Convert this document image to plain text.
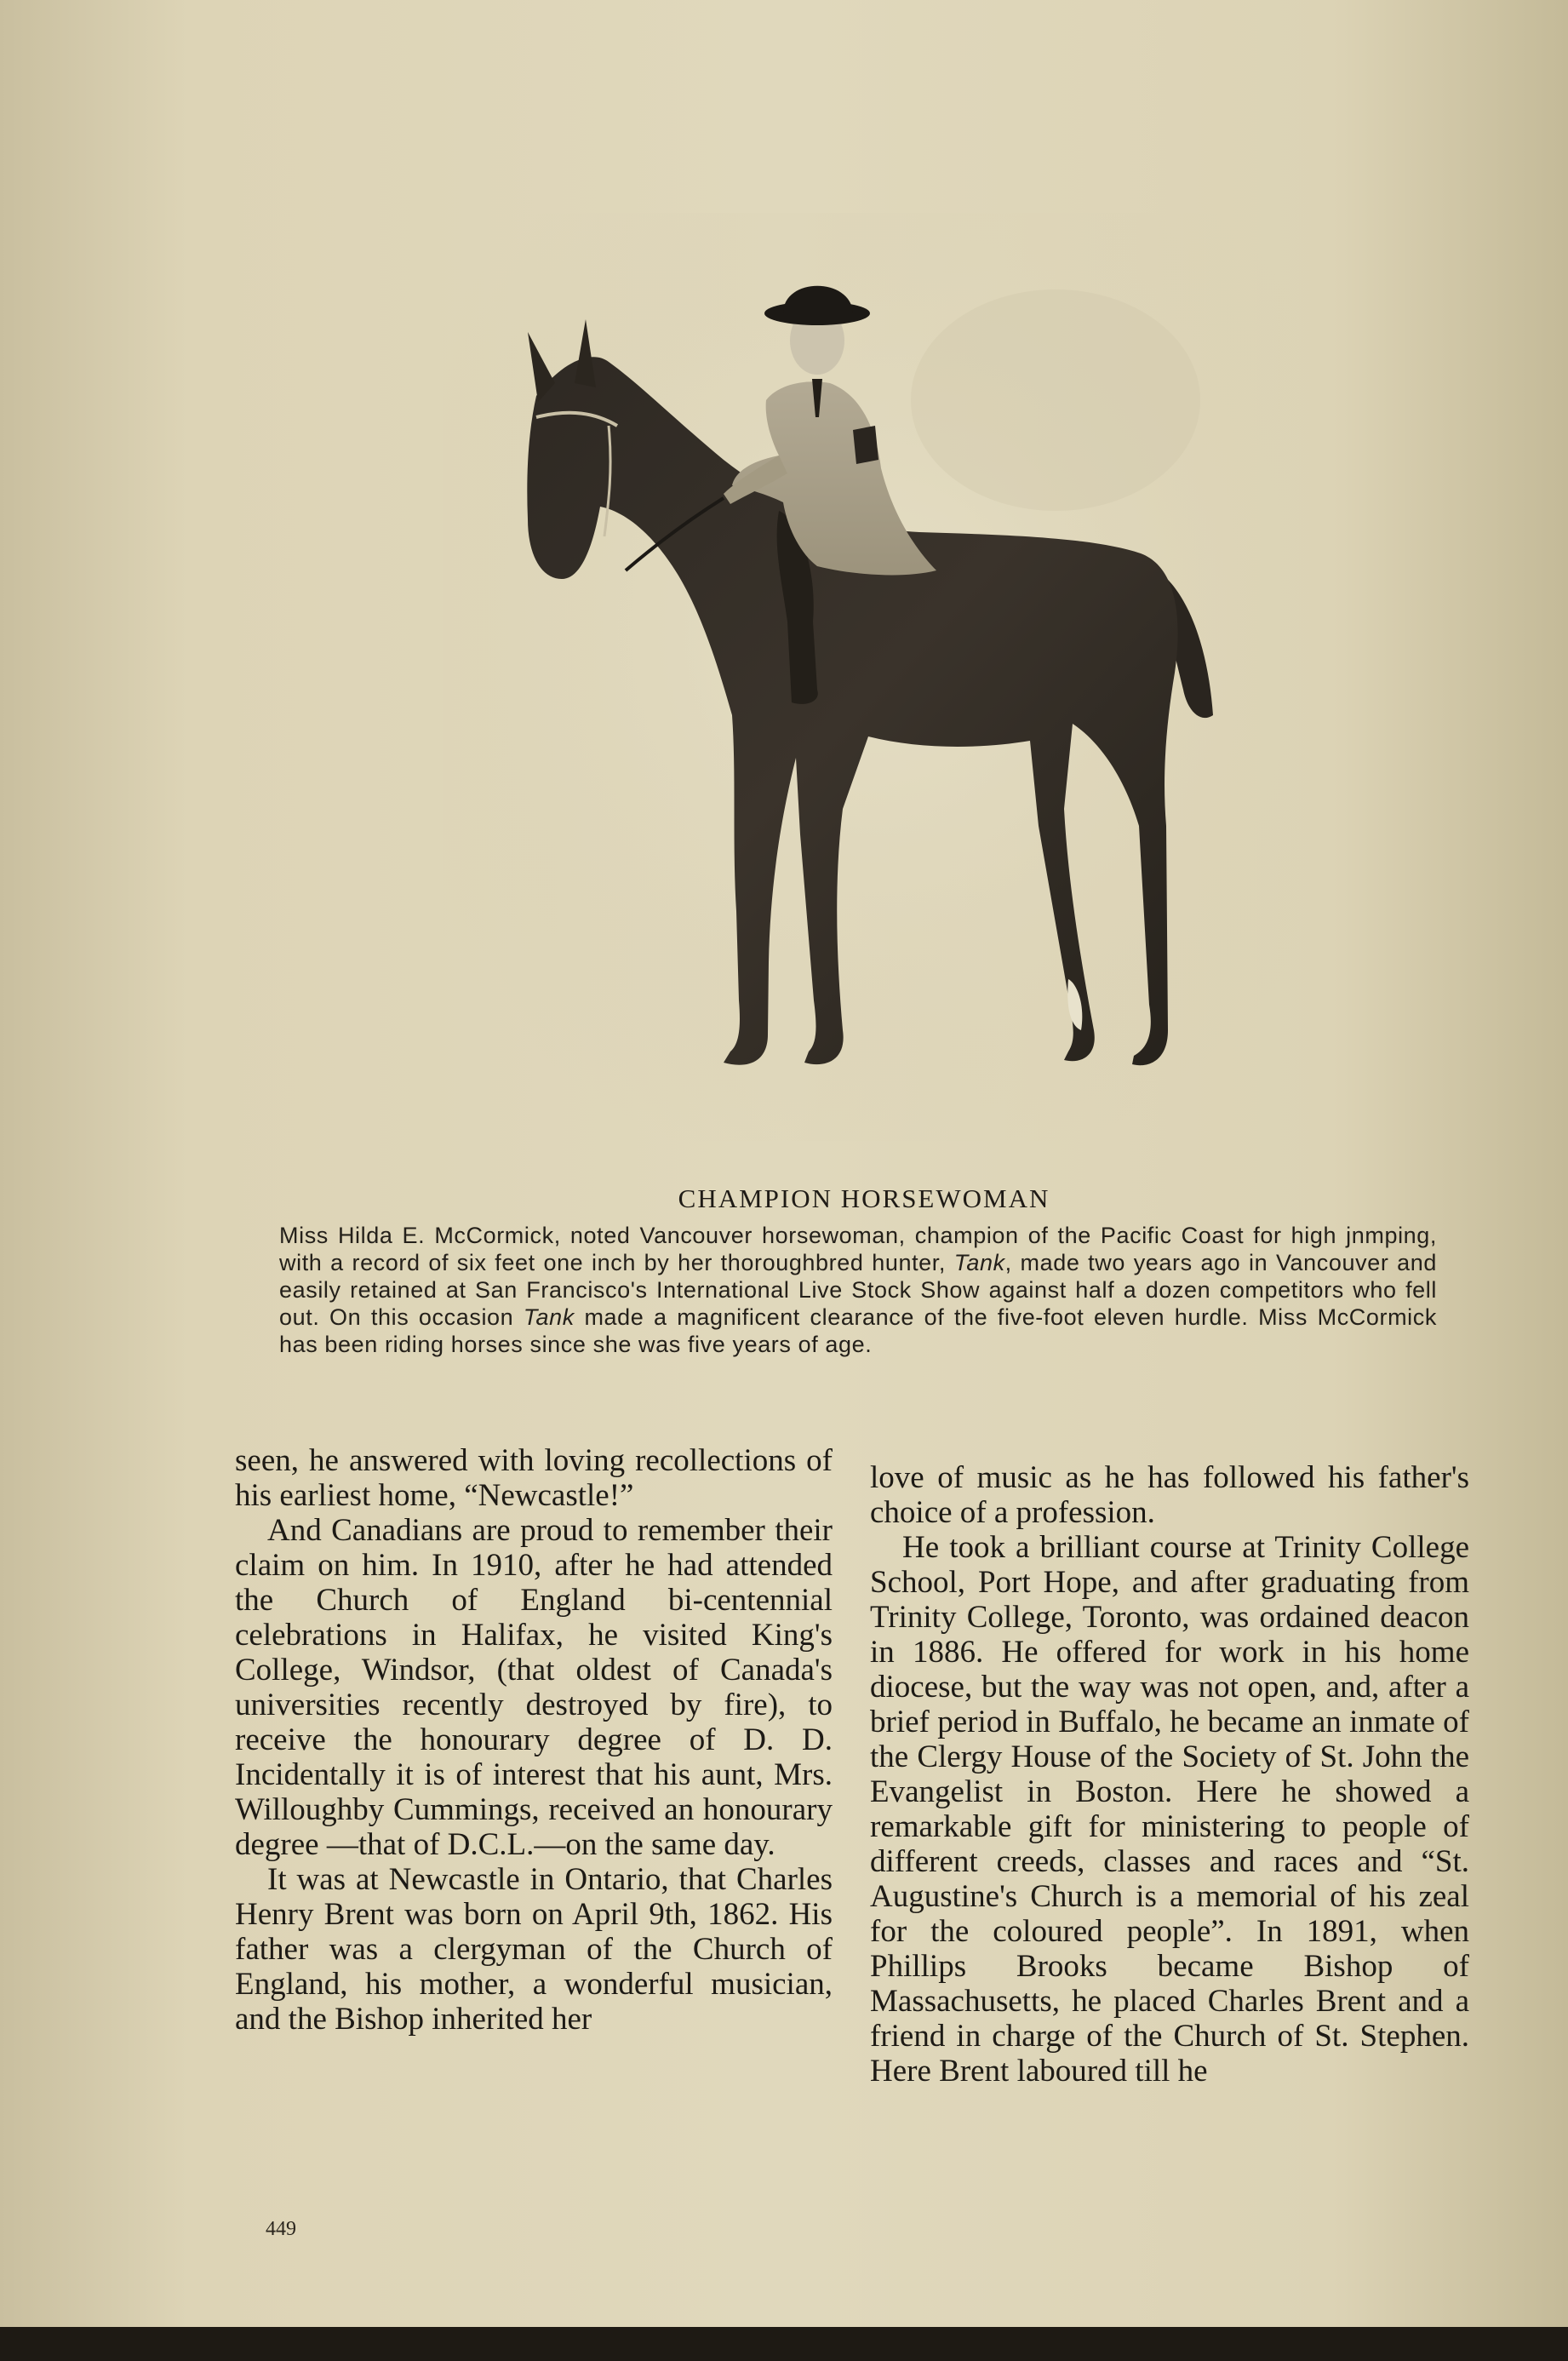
CHAMPION HORSEWOMAN
Miss Hilda E. McCormick, noted Vancouver horsewoman, champion of the Pacific Coast for high jnmping, with a record of six feet one inch by her thoroughbred hunter, Tank, made two years ago in Vancouver and easily retained at San Francisco's International Live Stock Show against half a dozen competitors who fell out. On this occasion Tank made a magnificent clearance of the five-foot eleven hurdle. Miss McCormick has been riding horses since she was five years of age.

seen, he answered with loving recollections of his earliest home, “Newcastle!”

And Canadians are proud to remember their claim on him. In 1910, after he had attended the Church of England bi-centennial celebrations in Halifax, he visited King's College, Windsor, (that oldest of Canada's universities recently destroyed by fire), to receive the honourary degree of D. D. Incidentally it is of interest that his aunt, Mrs. Willoughby Cummings, received an honourary degree —that of D.C.L.—on the same day.

It was at Newcastle in Ontario, that Charles Henry Brent was born on April 9th, 1862. His father was a clergyman of the Church of England, his mother, a wonderful musician, and the Bishop inherited her

love of music as he has followed his father's choice of a profession.

He took a brilliant course at Trinity College School, Port Hope, and after graduating from Trinity College, Toronto, was ordained deacon in 1886. He offered for work in his home diocese, but the way was not open, and, after a brief period in Buffalo, he became an inmate of the Clergy House of the Society of St. John the Evangelist in Boston. Here he showed a remarkable gift for ministering to people of different creeds, classes and races and “St. Augustine's Church is a memorial of his zeal for the coloured people”. In 1891, when Phillips Brooks became Bishop of Massachusetts, he placed Charles Brent and a friend in charge of the Church of St. Stephen. Here Brent laboured till he

449
